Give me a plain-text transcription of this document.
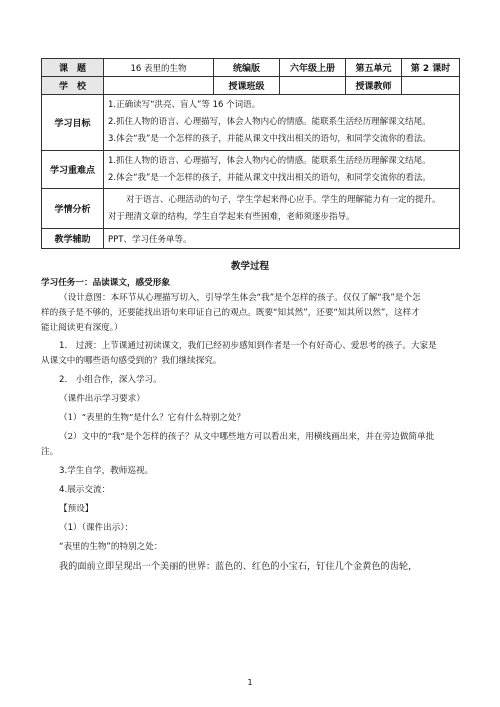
课　题	16 表里的生物	统编版	六年级上册	第五单元	第 2 课时
学　校		授课班级		授课教师	
学习目标	1.正确读写“洪亮、盲人”等 16 个词语。
2.抓住人物的语言、心理描写，体会人物内心的情感。能联系生活经历理解课文结尾。
3.体会“我”是一个怎样的孩子，并能从课文中找出相关的语句，和同学交流你的看法。				

学习重难点	1.抓住人物的语言、心理描写，体会人物内心的情感。能联系生活经历理解课文结尾。
2.体会“我”是一个怎样的孩子，并能从课文中找出相关的语句，和同学交流你的看法。				

学情分析	对于语言、心理活动的句子，学生学起来得心应手。学生的理解能力有一定的提升。
对于理清文章的结构，学生自学起来有些困难，老师须逐步指导。				

教学辅助	PPT、学习任务单等。				
教学过程
学习任务一：品读课文，感受形象
（设计意图：本环节从心理描写切入，引导学生体会“我”是个怎样的孩子。仅仅了解“我”是个怎
样的孩子是不够的，还要能找出语句来印证自己的观点。既要“知其然”，还要“知其所以然”，这样才
能让阅读更有深度。）
1.　过渡：上节课通过初读课文，我们已经初步感知到作者是一个有好奇心、爱思考的孩子。大家是
从课文中的哪些语句感受到的？我们继续探究。
2.　小组合作，深入学习。
（课件出示学习要求）
（1）“表里的生物”是什么？它有什么特别之处？
（2）文中的“我”是个怎样的孩子？从文中哪些地方可以看出来，用横线画出来，并在旁边做简单批
注。
3.学生自学，教师巡视。
4.展示交流：
【预设】
（1）（课件出示）：
“表里的生物”的特别之处：
我的面前立即呈现出一个美丽的世界：蓝色的、红色的小宝石，钉住几个金黄色的齿轮，
1
